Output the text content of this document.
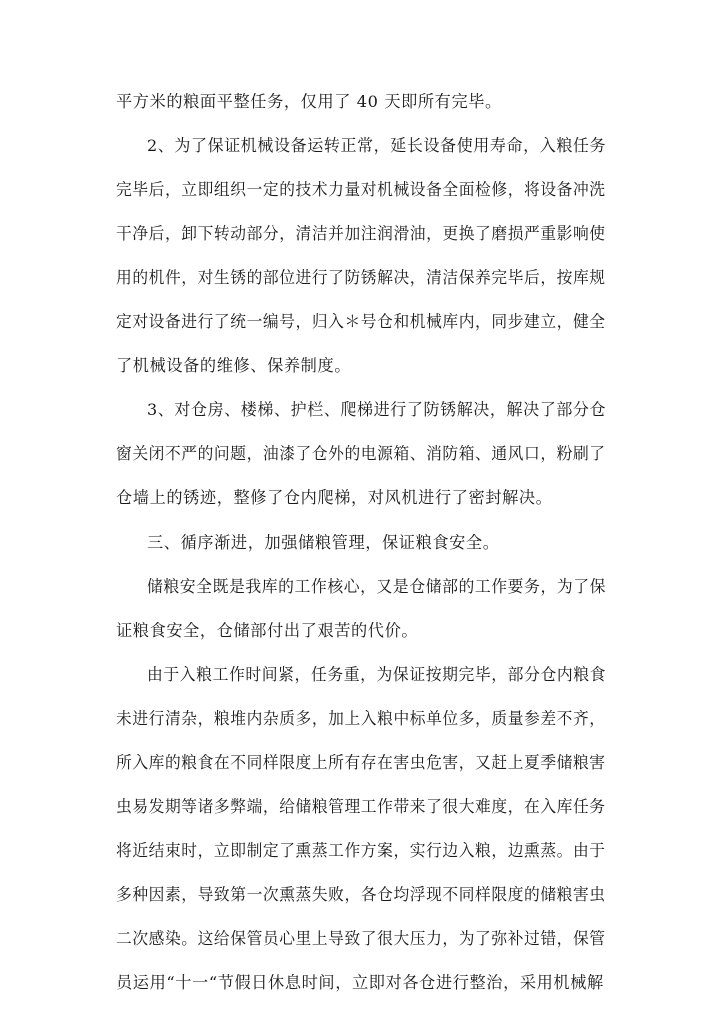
平方米的粮面平整任务，仅用了 40 天即所有完毕。
2、为了保证机械设备运转正常，延长设备使用寿命，入粮任务
完毕后，立即组织一定的技术力量对机械设备全面检修，将设备冲洗
干净后，卸下转动部分，清洁并加注润滑油，更换了磨损严重影响使
用的机件，对生锈的部位进行了防锈解决，清洁保养完毕后，按库规
定对设备进行了统一编号，归入＊号仓和机械库内，同步建立，健全
了机械设备的维修、保养制度。
3、对仓房、楼梯、护栏、爬梯进行了防锈解决，解决了部分仓
窗关闭不严的问题，油漆了仓外的电源箱、消防箱、通风口，粉刷了
仓墙上的锈迹，整修了仓内爬梯，对风机进行了密封解决。
三、循序渐进，加强储粮管理，保证粮食安全。
储粮安全既是我库的工作核心，又是仓储部的工作要务，为了保
证粮食安全，仓储部付出了艰苦的代价。
由于入粮工作时间紧，任务重，为保证按期完毕，部分仓内粮食
未进行清杂，粮堆内杂质多，加上入粮中标单位多，质量参差不齐，
所入库的粮食在不同样限度上所有存在害虫危害，又赶上夏季储粮害
虫易发期等诸多弊端，给储粮管理工作带来了很大难度，在入库任务
将近结束时，立即制定了熏蒸工作方案，实行边入粮，边熏蒸。由于
多种因素，导致第一次熏蒸失败，各仓均浮现不同样限度的储粮害虫
二次感染。这给保管员心里上导致了很大压力，为了弥补过错，保管
员运用“十一“节假日休息时间，立即对各仓进行整治，采用机械解
